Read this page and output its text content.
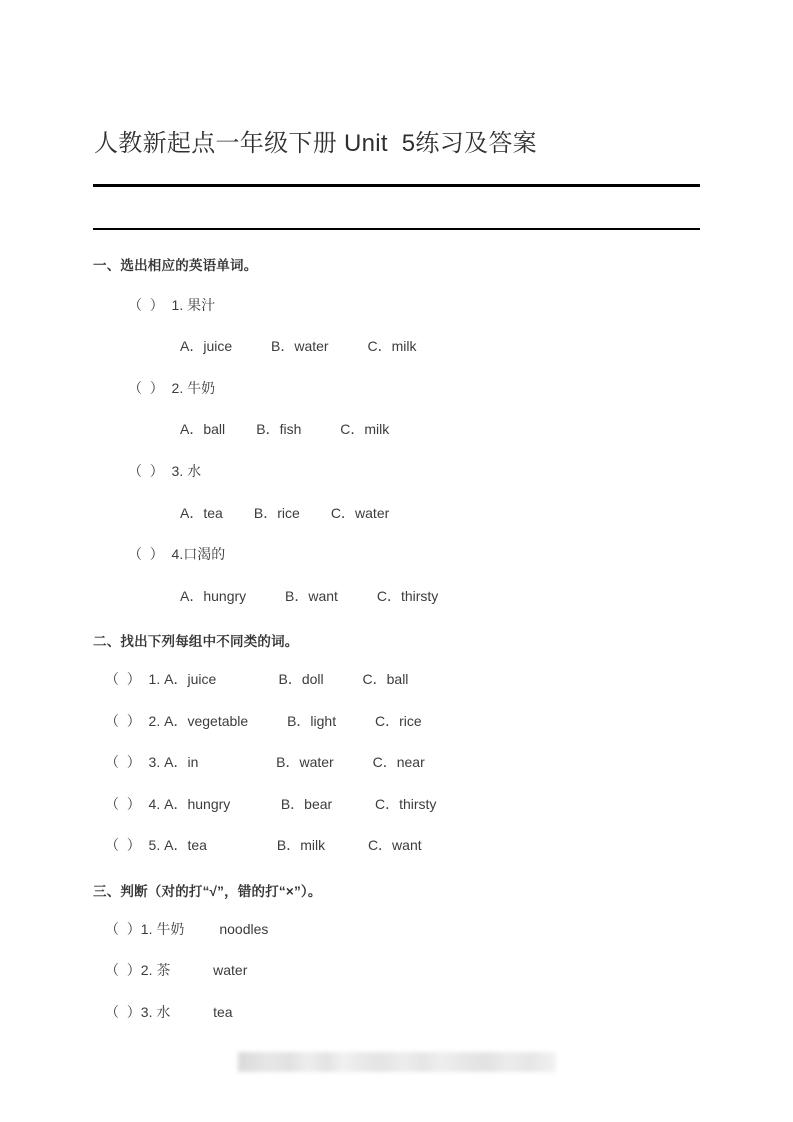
人教新起点一年级下册 Unit  5练习及答案
一、选出相应的英语单词。
（  ）  1. 果汁
A．juice          B．water          C．milk
（  ）  2. 牛奶
A．ball        B．fish          C．milk
（  ）  3. 水
A．tea        B．rice        C．water
（  ）  4.口渴的
A．hungry          B．want          C．thirsty
二、找出下列每组中不同类的词。
（  ）  1. A．juice                B．doll          C．ball
（  ）  2. A．vegetable          B．light          C．rice
（  ）  3. A．in                    B．water          C．near
（  ）  4. A．hungry             B．bear           C．thirsty
（  ）  5. A．tea                  B．milk           C．want
三、判断（对的打“√”，错的打“×”）。
（  ）1. 牛奶         noodles
（  ）2. 茶           water
（  ）3. 水           tea
